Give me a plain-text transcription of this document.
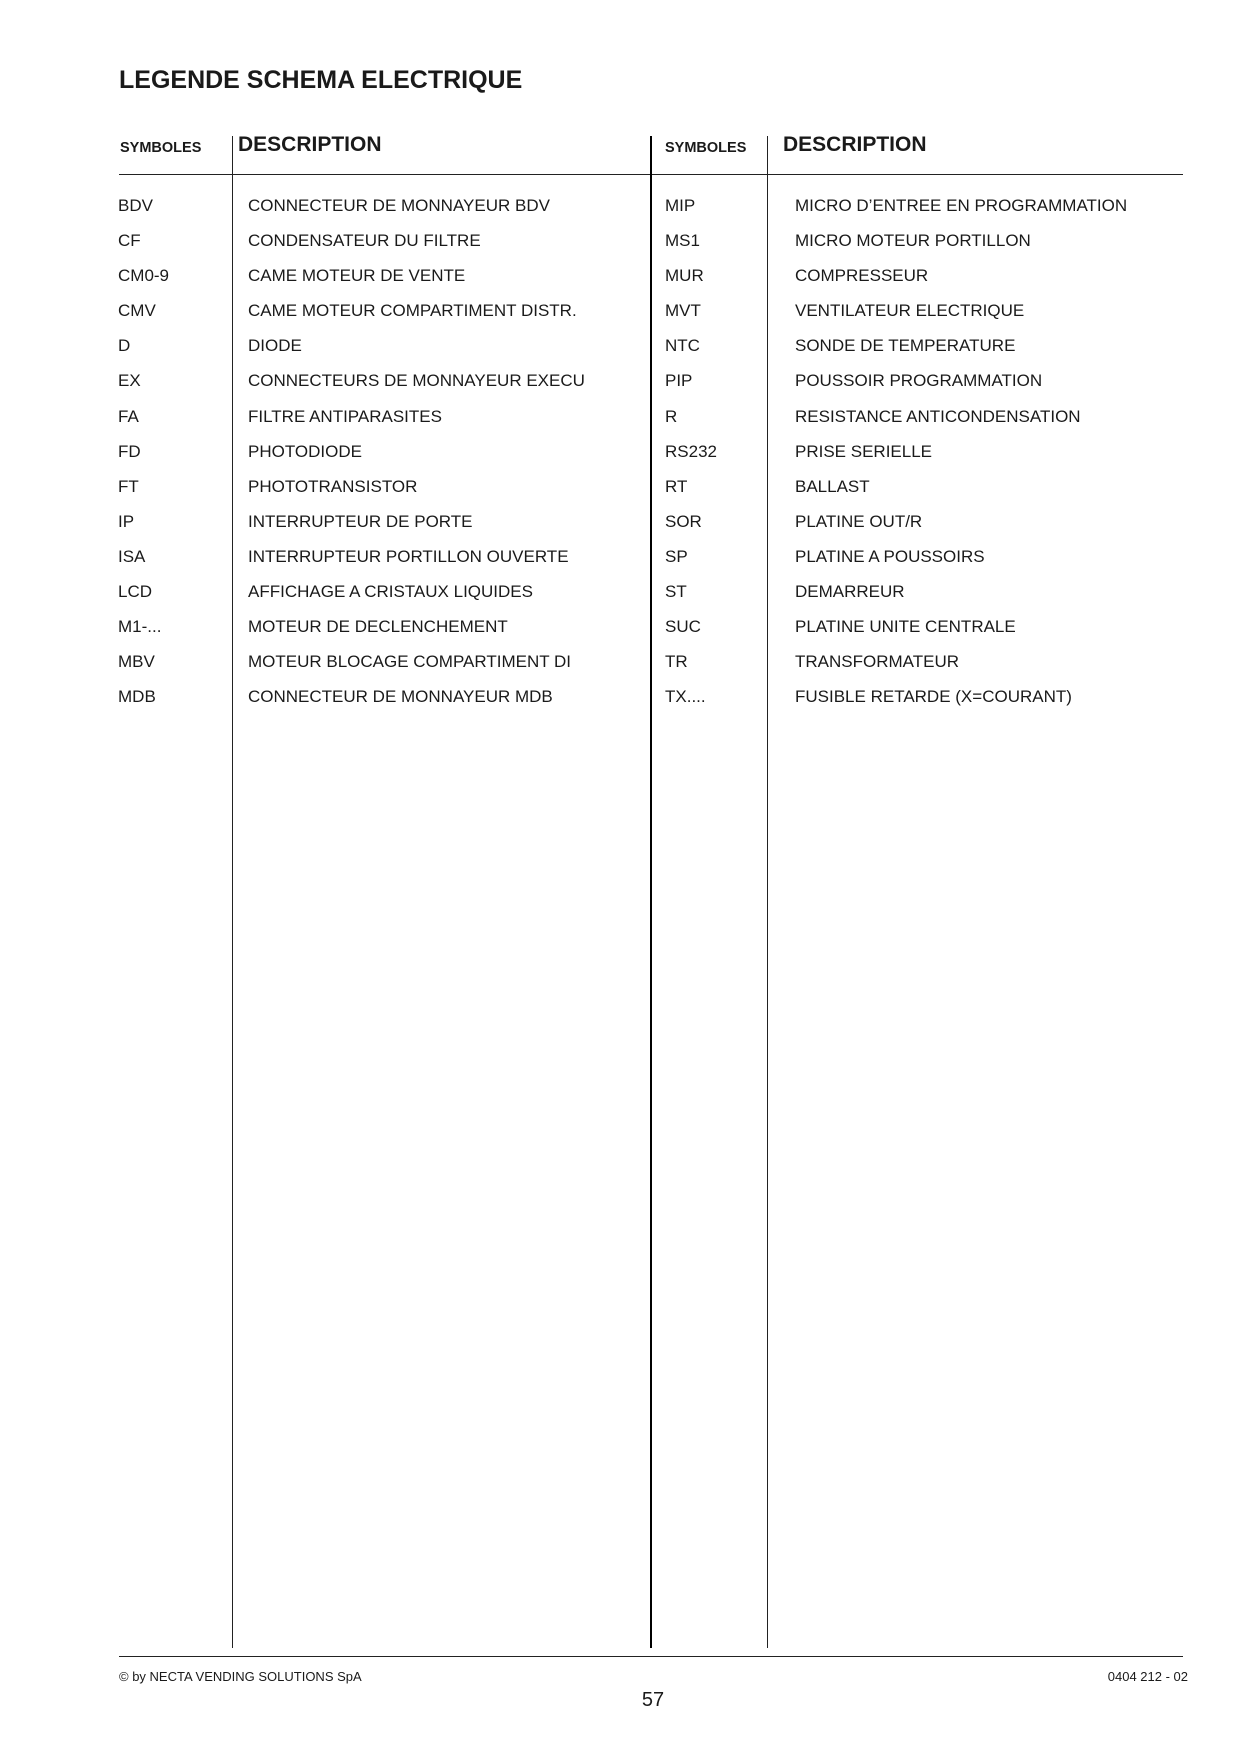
LEGENDE SCHEMA ELECTRIQUE
SYMBOLES DESCRIPTION	SYMBOLES DESCRIPTION
BDV
CF
CM0-9
CMV
D
EX
FA
FD
FT
IP
ISA
LCD
M1-...
MBV
MDB
CONNECTEUR DE MONNAYEUR BDV
CONDENSATEUR DU FILTRE
CAME MOTEUR DE VENTE
CAME MOTEUR COMPARTIMENT DISTR.
DIODE
CONNECTEURS DE MONNAYEUR EXECU
FILTRE ANTIPARASITES
PHOTODIODE
PHOTOTRANSISTOR
INTERRUPTEUR DE PORTE
INTERRUPTEUR PORTILLON OUVERTE
AFFICHAGE A CRISTAUX LIQUIDES
MOTEUR DE DECLENCHEMENT
MOTEUR BLOCAGE COMPARTIMENT DI
CONNECTEUR DE MONNAYEUR MDB
MIP
MS1
MUR
MVT
NTC
PIP
R
RS232
RT
SOR
SP
ST
SUC
TR
TX....
MICRO D’ENTREE EN PROGRAMMATION
MICRO MOTEUR PORTILLON
COMPRESSEUR
VENTILATEUR ELECTRIQUE
SONDE DE TEMPERATURE
POUSSOIR PROGRAMMATION
RESISTANCE ANTICONDENSATION
PRISE SERIELLE
BALLAST
PLATINE OUT/R
PLATINE A POUSSOIRS
DEMARREUR
PLATINE UNITE CENTRALE
TRANSFORMATEUR
FUSIBLE RETARDE (X=COURANT)
© by NECTA VENDING SOLUTIONS SpA	0404 212 - 02
57
